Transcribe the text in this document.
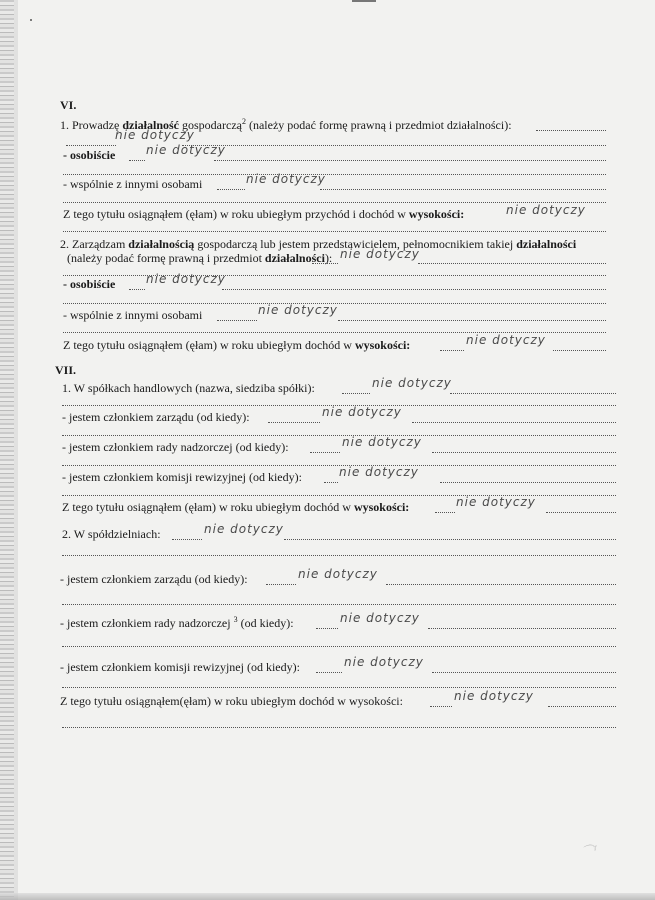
⌒ᵀ
VI.
1. Prowadzę działalność gospodarczą$^2$ (należy podać formę prawną i przedmiot działalności):
nie dotyczy
- osobiście	nie dotyczy
- wspólnie z innymi osobami	nie dotyczy
Z tego tytułu osiągnąłem (ęłam) w roku ubiegłym przychód i dochód w wysokości:	nie dotyczy
2. Zarządzam działalnością gospodarczą lub jestem przedstawicielem, pełnomocnikiem takiej działalności
(należy podać formę prawną i przedmiot działalności): nie dotyczy
- osobiście	nie dotyczy
- wspólnie z innymi osobami	nie dotyczy
Z tego tytułu osiągnąłem (ęłam) w roku ubiegłym dochód w wysokości:	nie dotyczy
VII.
1. W spółkach handlowych (nazwa, siedziba spółki):	nie dotyczy
- jestem członkiem zarządu (od kiedy):	nie dotyczy
- jestem członkiem rady nadzorczej (od kiedy):	nie dotyczy
- jestem członkiem komisji rewizyjnej (od kiedy):	nie dotyczy
Z tego tytułu osiągnąłem (ęłam) w roku ubiegłym dochód w wysokości:	nie dotyczy
2. W spółdzielniach:	nie dotyczy
- jestem członkiem zarządu (od kiedy):	nie dotyczy
- jestem członkiem rady nadzorczej $^3$ (od kiedy):	nie dotyczy
- jestem członkiem komisji rewizyjnej (od kiedy):	nie dotyczy
Z tego tytułu osiągnąłem(ęłam) w roku ubiegłym dochód w wysokości:	nie dotyczy
